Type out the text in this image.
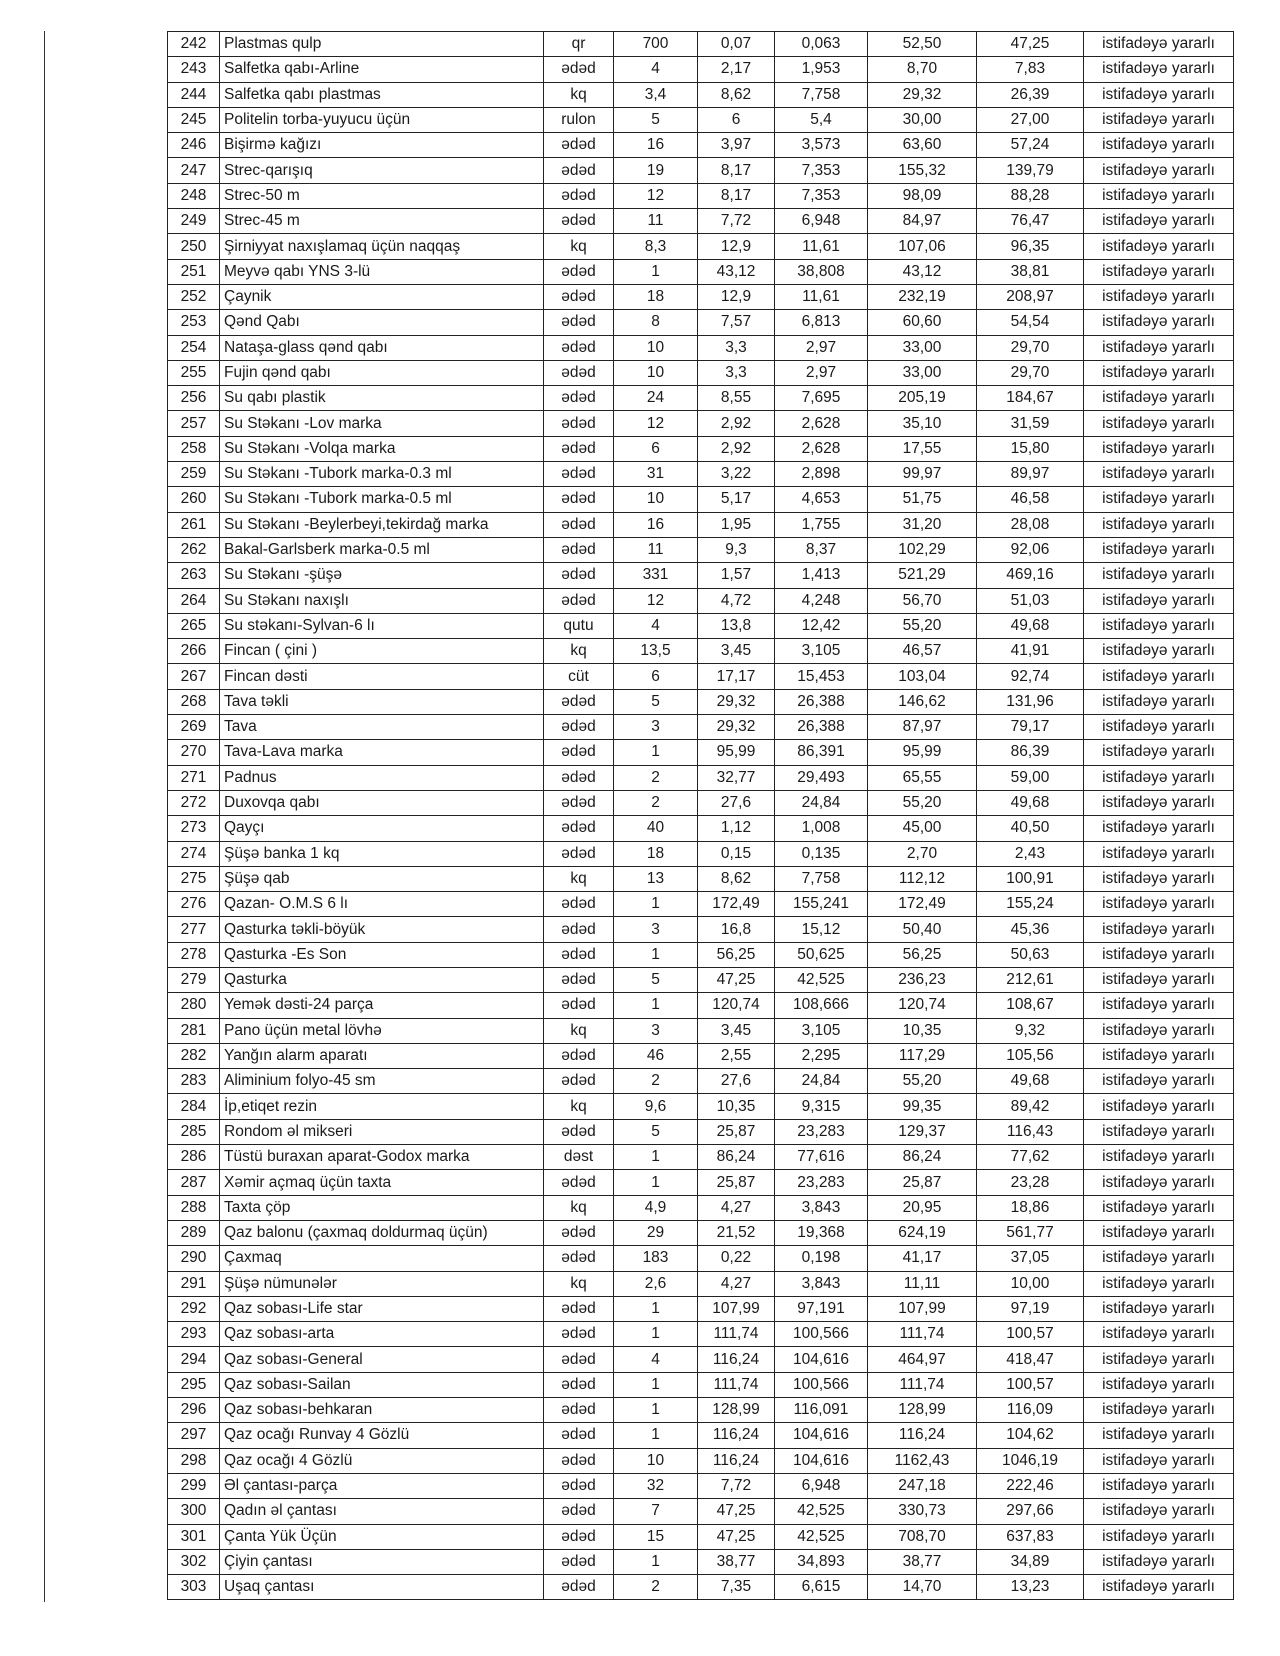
242	Plastmas qulp	qr	700	0,07	0,063	52,50	47,25	istifadəyə yararlı
243	Salfetka qabı-Arline	ədəd	4	2,17	1,953	8,70	7,83	istifadəyə yararlı
244	Salfetka qabı plastmas	kq	3,4	8,62	7,758	29,32	26,39	istifadəyə yararlı
245	Politelin torba-yuyucu üçün	rulon	5	6	5,4	30,00	27,00	istifadəyə yararlı
246	Bişirmə kağızı	ədəd	16	3,97	3,573	63,60	57,24	istifadəyə yararlı
247	Strec-qarışıq	ədəd	19	8,17	7,353	155,32	139,79	istifadəyə yararlı
248	Strec-50 m	ədəd	12	8,17	7,353	98,09	88,28	istifadəyə yararlı
249	Strec-45 m	ədəd	11	7,72	6,948	84,97	76,47	istifadəyə yararlı
250	Şirniyyat naxışlamaq üçün naqqaş	kq	8,3	12,9	11,61	107,06	96,35	istifadəyə yararlı
251	Meyvə qabı YNS 3-lü	ədəd	1	43,12	38,808	43,12	38,81	istifadəyə yararlı
252	Çaynik	ədəd	18	12,9	11,61	232,19	208,97	istifadəyə yararlı
253	Qənd Qabı	ədəd	8	7,57	6,813	60,60	54,54	istifadəyə yararlı
254	Nataşa-glass qənd qabı	ədəd	10	3,3	2,97	33,00	29,70	istifadəyə yararlı
255	Fujin qənd qabı	ədəd	10	3,3	2,97	33,00	29,70	istifadəyə yararlı
256	Su qabı plastik	ədəd	24	8,55	7,695	205,19	184,67	istifadəyə yararlı
257	Su Stəkanı -Lov marka	ədəd	12	2,92	2,628	35,10	31,59	istifadəyə yararlı
258	Su Stəkanı -Volqa marka	ədəd	6	2,92	2,628	17,55	15,80	istifadəyə yararlı
259	Su Stəkanı -Tubork marka-0.3 ml	ədəd	31	3,22	2,898	99,97	89,97	istifadəyə yararlı
260	Su Stəkanı -Tubork marka-0.5 ml	ədəd	10	5,17	4,653	51,75	46,58	istifadəyə yararlı
261	Su Stəkanı -Beylerbeyi,tekirdağ marka	ədəd	16	1,95	1,755	31,20	28,08	istifadəyə yararlı
262	Bakal-Garlsberk marka-0.5 ml	ədəd	11	9,3	8,37	102,29	92,06	istifadəyə yararlı
263	Su Stəkanı -şüşə	ədəd	331	1,57	1,413	521,29	469,16	istifadəyə yararlı
264	Su Stəkanı naxışlı	ədəd	12	4,72	4,248	56,70	51,03	istifadəyə yararlı
265	Su stəkanı-Sylvan-6 lı	qutu	4	13,8	12,42	55,20	49,68	istifadəyə yararlı
266	Fincan ( çini )	kq	13,5	3,45	3,105	46,57	41,91	istifadəyə yararlı
267	Fincan dəsti	cüt	6	17,17	15,453	103,04	92,74	istifadəyə yararlı
268	Tava təkli	ədəd	5	29,32	26,388	146,62	131,96	istifadəyə yararlı
269	Tava	ədəd	3	29,32	26,388	87,97	79,17	istifadəyə yararlı
270	Tava-Lava marka	ədəd	1	95,99	86,391	95,99	86,39	istifadəyə yararlı
271	Padnus	ədəd	2	32,77	29,493	65,55	59,00	istifadəyə yararlı
272	Duxovqa qabı	ədəd	2	27,6	24,84	55,20	49,68	istifadəyə yararlı
273	Qayçı	ədəd	40	1,12	1,008	45,00	40,50	istifadəyə yararlı
274	Şüşə banka 1 kq	ədəd	18	0,15	0,135	2,70	2,43	istifadəyə yararlı
275	Şüşə qab	kq	13	8,62	7,758	112,12	100,91	istifadəyə yararlı
276	Qazan- O.M.S 6 lı	ədəd	1	172,49	155,241	172,49	155,24	istifadəyə yararlı
277	Qasturka təkli-böyük	ədəd	3	16,8	15,12	50,40	45,36	istifadəyə yararlı
278	Qasturka -Es Son	ədəd	1	56,25	50,625	56,25	50,63	istifadəyə yararlı
279	Qasturka	ədəd	5	47,25	42,525	236,23	212,61	istifadəyə yararlı
280	Yemək dəsti-24 parça	ədəd	1	120,74	108,666	120,74	108,67	istifadəyə yararlı
281	Pano üçün metal lövhə	kq	3	3,45	3,105	10,35	9,32	istifadəyə yararlı
282	Yanğın alarm aparatı	ədəd	46	2,55	2,295	117,29	105,56	istifadəyə yararlı
283	Aliminium folyo-45 sm	ədəd	2	27,6	24,84	55,20	49,68	istifadəyə yararlı
284	İp,etiqet rezin	kq	9,6	10,35	9,315	99,35	89,42	istifadəyə yararlı
285	Rondom əl mikseri	ədəd	5	25,87	23,283	129,37	116,43	istifadəyə yararlı
286	Tüstü buraxan aparat-Godox marka	dəst	1	86,24	77,616	86,24	77,62	istifadəyə yararlı
287	Xəmir açmaq üçün taxta	ədəd	1	25,87	23,283	25,87	23,28	istifadəyə yararlı
288	Taxta çöp	kq	4,9	4,27	3,843	20,95	18,86	istifadəyə yararlı
289	Qaz balonu (çaxmaq doldurmaq üçün)	ədəd	29	21,52	19,368	624,19	561,77	istifadəyə yararlı
290	Çaxmaq	ədəd	183	0,22	0,198	41,17	37,05	istifadəyə yararlı
291	Şüşə nümunələr	kq	2,6	4,27	3,843	11,11	10,00	istifadəyə yararlı
292	Qaz sobası-Life star	ədəd	1	107,99	97,191	107,99	97,19	istifadəyə yararlı
293	Qaz sobası-arta	ədəd	1	111,74	100,566	111,74	100,57	istifadəyə yararlı
294	Qaz sobası-General	ədəd	4	116,24	104,616	464,97	418,47	istifadəyə yararlı
295	Qaz sobası-Sailan	ədəd	1	111,74	100,566	111,74	100,57	istifadəyə yararlı
296	Qaz sobası-behkaran	ədəd	1	128,99	116,091	128,99	116,09	istifadəyə yararlı
297	Qaz ocağı Runvay 4 Gözlü	ədəd	1	116,24	104,616	116,24	104,62	istifadəyə yararlı
298	Qaz ocağı 4 Gözlü	ədəd	10	116,24	104,616	1162,43	1046,19	istifadəyə yararlı
299	Əl çantası-parça	ədəd	32	7,72	6,948	247,18	222,46	istifadəyə yararlı
300	Qadın əl çantası	ədəd	7	47,25	42,525	330,73	297,66	istifadəyə yararlı
301	Çanta Yük Üçün	ədəd	15	47,25	42,525	708,70	637,83	istifadəyə yararlı
302	Çiyin çantası	ədəd	1	38,77	34,893	38,77	34,89	istifadəyə yararlı
303	Uşaq çantası	ədəd	2	7,35	6,615	14,70	13,23	istifadəyə yararlı
